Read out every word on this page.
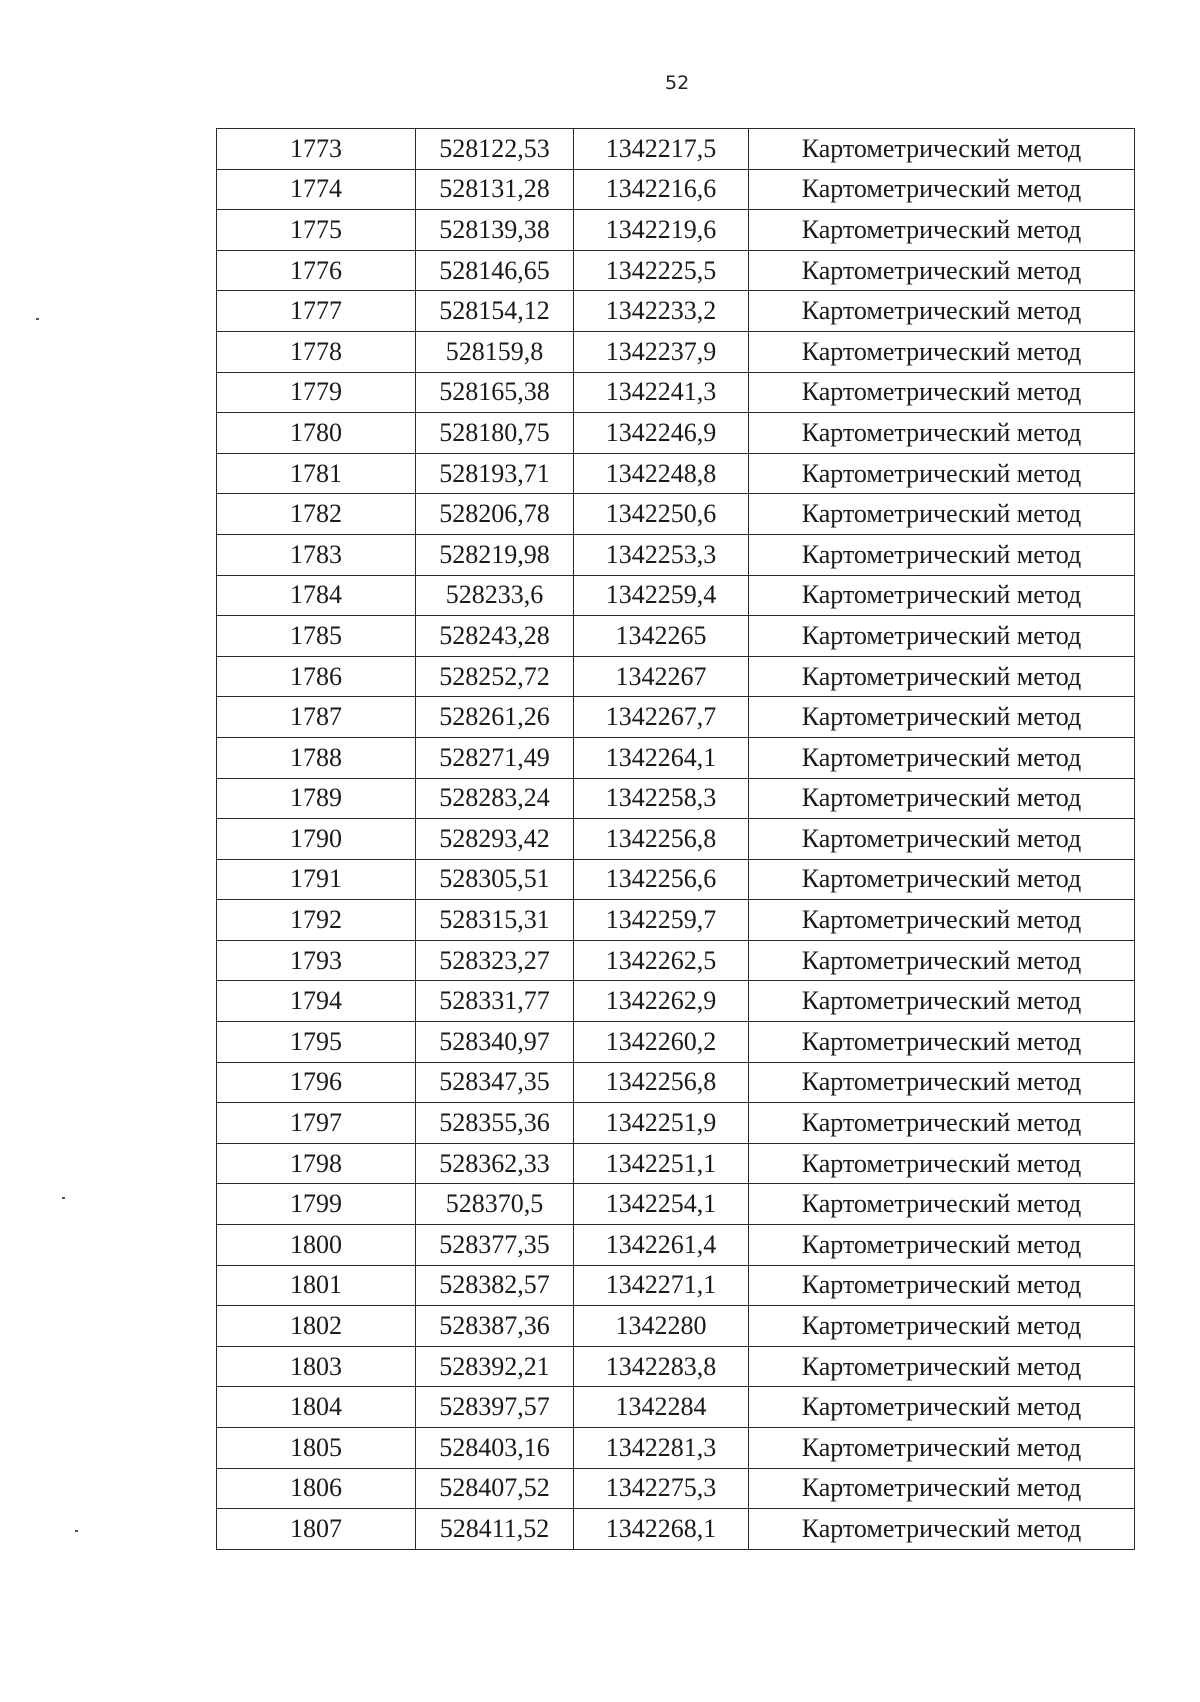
52
1773	528122,53	1342217,5	Картометрический метод
1774	528131,28	1342216,6	Картометрический метод
1775	528139,38	1342219,6	Картометрический метод
1776	528146,65	1342225,5	Картометрический метод
1777	528154,12	1342233,2	Картометрический метод
1778	528159,8	1342237,9	Картометрический метод
1779	528165,38	1342241,3	Картометрический метод
1780	528180,75	1342246,9	Картометрический метод
1781	528193,71	1342248,8	Картометрический метод
1782	528206,78	1342250,6	Картометрический метод
1783	528219,98	1342253,3	Картометрический метод
1784	528233,6	1342259,4	Картометрический метод
1785	528243,28	1342265	Картометрический метод
1786	528252,72	1342267	Картометрический метод
1787	528261,26	1342267,7	Картометрический метод
1788	528271,49	1342264,1	Картометрический метод
1789	528283,24	1342258,3	Картометрический метод
1790	528293,42	1342256,8	Картометрический метод
1791	528305,51	1342256,6	Картометрический метод
1792	528315,31	1342259,7	Картометрический метод
1793	528323,27	1342262,5	Картометрический метод
1794	528331,77	1342262,9	Картометрический метод
1795	528340,97	1342260,2	Картометрический метод
1796	528347,35	1342256,8	Картометрический метод
1797	528355,36	1342251,9	Картометрический метод
1798	528362,33	1342251,1	Картометрический метод
1799	528370,5	1342254,1	Картометрический метод
1800	528377,35	1342261,4	Картометрический метод
1801	528382,57	1342271,1	Картометрический метод
1802	528387,36	1342280	Картометрический метод
1803	528392,21	1342283,8	Картометрический метод
1804	528397,57	1342284	Картометрический метод
1805	528403,16	1342281,3	Картометрический метод
1806	528407,52	1342275,3	Картометрический метод
1807	528411,52	1342268,1	Картометрический метод
